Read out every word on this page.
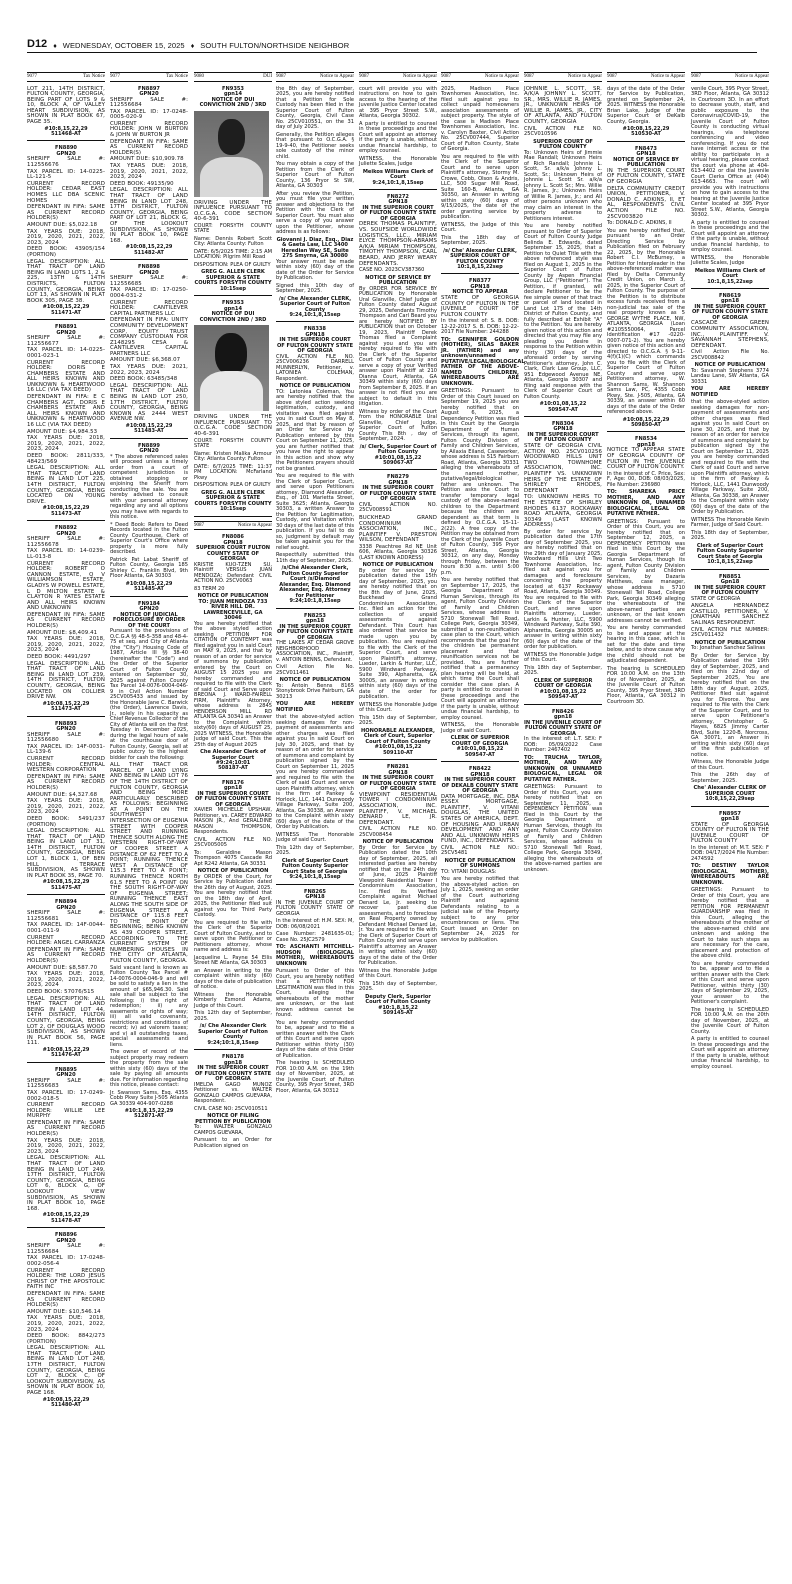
D12 ♦ WEDNESDAY, OCTOBER 15, 2025 ♦ SOUTH FULTON/NORTHSIDE NEIGHBOR
9077	Tax Notice
LOT 211, 14TH DISTRICT, FULTON COUNTY, GEORGIA, BEING PART OF LOTS 9 & 10, BLOCK A, OF VALLEY HEART SUBDIVISION, AS SHOWN IN PLAT BOOK 67, PAGE 35.
#10:8,15,22,29
511468-AT
FN8890
GPN20
SHERIFF SALE #: 112556676
TAX PARCEL ID: 14-0225-LL-121-5
CURRENT RECORD HOLDER: CEDAR EAST HOMES LLC DBA SCENIC HOMES
DEFENDANT IN FIFA: SAME AS CURRENT RECORD HOLDER(S)
AMOUNT DUE: $5,022.18
TAX YEARS DUE: 2018, 2019, 2020, 2021, 2022, 2023, 2024
DEED BOOK: 43905/154 (PORTION)
LEGAL DESCRIPTION: ALL THAT TRACT OF LAND BEING IN LAND LOTS 1, 2 & 225, 13TH & 14TH DISTRICTS, FULTON COUNTY, GEORGIA, BEING LOT 13, AS SHOWN IN PLAT BOOK 305, PAGE 38.
#10:08,15,22,29
511471-AT
FN8891
GPN20
SHERIFF SALE #: 112556677
TAX PARCEL ID: 14-0225-0001-023-1
CURRENT RECORD HOLDER: DORIS E CHAMBERS ESTATE AND ALL HEIRS KNOWN AND UNKNOWN & HEARTWOOD 16 LLC (VIA TAX DEED)
DEFENDANT IN FIFA: E C CHAMBERS AGT, DORIS E CHAMBERS ESTATE AND ALL HEIRS KNOWN AND UNKNOWN & HEARTWOOD 16 LLC (VIA TAX DEED)
AMOUNT DUE: $4,984.53
TAX YEARS DUE: 2018, 2019, 2020, 2021, 2022, 2023, 2024
DEED BOOK: 2811/333, 48423/569
LEGAL DESCRIPTION: ALL THAT TRACT OF LAND BEING IN LAND LOT 225, 14TH DISTRICT, FULTON COUNTY, GEORGIA, BEING LOCATED ON YOUNG DRIVE.
#10:08,15,22,29
511473-AT
FN8892
GPN20
SHERIFF SALE #: 112556678
TAX PARCEL ID: 14-0239-LL-013-8
CURRENT RECORD HOLDER: ROBERT O CANNON ESTATE, Q V WILLIAMSON ESTATE, GLADYS W POWELL ESTATE, L D MILTON ESTATE & CLAYTON R YATES ESTATE AND ALL HEIRS KNOWN AND UNKNOWN
DEFENDANT IN FIFA: SAME AS CURRENT RECORD HOLDER(S)
AMOUNT DUE: $8,409.41
TAX YEARS DUE: 2018, 2019, 2020, 2021, 2022, 2023, 2024
DEED BOOK: 4491/297
LEGAL DESCRIPTION: ALL THAT TRACT OF LAND BEING IN LAND LOT 239, 14TH DISTRICT, FULTON COUNTY, GEORGIA, BEING LOCATED ON COLLIER DRIVE NW.
#10:08,15,22,29
511473-AT
FN8893
GPN20
SHERIFF SALE #: 112556680
TAX PARCEL ID: 14F-0031-LL-139-6
CURRENT RECORD HOLDER: CENTRAL WESTERN CORPORATION
DEFENDANT IN FIFA: SAME AS CURRENT RECORD HOLDER(S)
AMOUNT DUE: $4,327.68
TAX YEARS DUE: 2018, 2019, 2020, 2021, 2022, 2023, 2024
DEED BOOK: 5491/237 (PORTION)
LEGAL DESCRIPTION: ALL THAT TRACT OF LAND BEING IN LAND LOT 31, 14TH DISTRICT, FULTON COUNTY, GEORGIA, BEING LOT 1, BLOCK 1, OF BEN HILL TERRACE SUBDIVISION, AS SHOWN IN PLAT BOOK 35, PAGE 70.
#10:08,15,22,29
511475-AT
FN8894
GPN20
SHERIFF SALE #: 112556681
TAX PARCEL ID: 14F-0044-0001-011-9
CURRENT RECORD HOLDER: ANGEL CARRANZA
DEFENDANT IN FIFA: SAME AS CURRENT RECORD HOLDER(S)
AMOUNT DUE: $8,587.70
TAX YEARS DUE: 2018, 2019, 2020, 2021, 2022, 2023, 2024
DEED BOOK: 57076/515
LEGAL DESCRIPTION: ALL THAT TRACT OF LAND BEING IN LAND LOT 44, 14TH DISTRICT, FULTON COUNTY, GEORGIA, BEING LOT 2, OF DOUGLAS WOOD SUBDIVISION, AS SHOWN IN PLAT BOOK 56, PAGE 111.
#10:08,15,22,29
511476-AT
FN8895
GPN20
SHERIFF SALE #: 112556683
TAX PARCEL ID: 17-0249-0002-018-5
CURRENT RECORD HOLDER: WILLIE LEE MURPHY
DEFENDANT IN FIFA: SAME AS CURRENT RECORD HOLDER(S)
TAX YEARS DUE: 2018, 2019, 2020, 2021, 2022, 2023, 2024
LEGAL DESCRIPTION: ALL THAT TRACT OF LAND BEING IN LAND LOT 249, 17TH DISTRICT, FULTON COUNTY, GEORGIA, BEING LOT 6, BLOCK G, OF LOOKOUT VIEW SUBDIVISION, AS SHOWN IN PLAT BOOK 10, PAGE 168.
#10:08,15,22,29
511478-AT
FN8896
GPN20
SHERIFF SALE #: 112556684
TAX PARCEL ID: 17-0248-0002-056-4
CURRENT RECORD HOLDER: THE LORD JESUS CHRIST OF THE APOSTOLIC FAITH INC
DEFENDANT IN FIFA: SAME AS CURRENT RECORD HOLDER(S)
AMOUNT DUE: $10,546.14
TAX YEARS DUE: 2018, 2019, 2020, 2021, 2022, 2023, 2024
DEED BOOK: 8842/273 (PORTION)
LEGAL DESCRIPTION: ALL THAT TRACT OF LAND BEING IN LAND LOT 248, 17TH DISTRICT, FULTON COUNTY, GEORGIA, BEING LOT 2, BLOCK C, OF LOOKOUT SUBDIVISION, AS SHOWN IN PLAT BOOK 10, PAGE 168.
#10:08,15,22,29
511480-AT
9077	Tax Notice
FN8897
GPN20
SHERIFF SALE #: 112556684
TAX PARCEL ID: 17-0248-0005-020-9
CURRENT RECORD HOLDER: JOHN W BURTON & JOHN W BURTON JR
DEFENDANT IN FIFA: SAME AS CURRENT RECORD HOLDER(S)
AMOUNT DUE: $10,909.78
TAX YEARS DUE: 2018, 2019, 2020, 2021, 2022, 2023, 2024
DEED BOOK: 49135/90
LEGAL DESCRIPTION: ALL THAT TRACT OF LAND BEING IN LAND LOT 248, 17TH DISTRICT, FULTON COUNTY, GEORGIA, BEING PART OF LOT 21, BLOCK G, OF THE LOOKOUT SUBDIVISION, AS SHOWN IN PLAT BOOK 10, PAGE 168.
#10:08,15,22,29
511482-AT
FN8898
GPN20
SHERIFF SALE #: 112556685
TAX PARCEL ID: 17-0250-0004-031-2
CURRENT RECORD HOLDER: CANTILEVER CAPITAL PARTNERS LLC
DEFENDANT IN FIFA: UNITY COMMUNITY DEVELOPMENT CORP, EQUITY TRUST COMPANY CUSTODIAN FOR Z148295 CESA & CANTILEVER CAPITAL PARTNERS LLC
AMOUNT DUE: $6,368.07
TAX YEARS DUE: 2021, 2022, 2023, 2024
DEED BOOK: 63485/348
LEGAL DESCRIPTION: ALL THAT TRACT OF LAND BEING IN LAND LOT 250, 17TH DISTRICT, FULTON COUNTY, GEORGIA, BEING KNOWN AS 2444 WEST AVENUE NW.
#10:08,15,22,29
511483-AT
FN8899
GPN20
* The above referenced sales will proceed unless a timely order from a court of competent jurisdiction is obtained stopping or enjoining the Sheriff from conducting the sale. You are hereby advised to consult with your personal attorney regarding any and all options you may have with regards to this notice.
* Deed Book: Refers to Deed Records located in the Fulton County Courthouse, Clerk of Superior Court's Office where property is more fully described.
Patrick Pat Labat Sheriff of Fulton County, Georgia 185 Shirley C. Franklin Blvd, 9th Floor Atlanta, GA 30303
#10:08,15,22,29
511485-AT
FN9184
GPN20
NOTICE OF JUDICIAL FORECLOSURE BY ORDER OF THE COURT
Pursuant to the provisions of O.C.G.A §§ 48-5-358 and 48-4-75 et seq. and City of Atlanta (the "City") Housing Code of 1987, Article III §§ 38-40 (hereinafter the "Code") and the Order of the Superior Court of Fulton County entered on September 30, 2025 against Fulton County Tax Parcel 14-0076-0004-046-9 in Civil Action Number 25CV005433 and issued by the Honorable Jane C. Barwick (the Order), Lawrence Davis, Jr., solely in his capacity as Chief Revenue Collector of the City of Atlanta will on the first Tuesday in December 2025, during the legal hours of sale at the courthouse door of Fulton County, Georgia, sell at public outcry to the highest bidder for cash the following:
ALL THAT TRACT OR PARCEL OF LAND LYING AND BEING IN LAND LOT 76 OF THE 14TH DISTRICT OF FULTON COUNTY, GEORGIA AND BEING MORE PARTICULARLY DESCRIBED AS FOLLOWS: BEGINNING AT A POINT ON THE SOUTHWEST INTERSECTION OF EUGENIA STREET WITH COOPER STREET AND RUNNING THENCE SOUTH ALONG THE WESTERN RIGHT-OF-WAY OF COOPER STREET A DISTANCE OF 62 FEET TO A POINT; RUNNING THENCE WEST A DISTANCE OF 115.3 FEET TO A POINT; RUNNING THENCE NORTH 61.5 FEET TO A POINT ON THE SOUTH RIGHT-OF-WAY OF EUGENIA STREET; RUNNING THENCE EAST ALONG THE SOUTH SIDE OF EUGENIA STREET A DISTANCE OF 115.8 FEET TO THE POINT OF BEGINNING; BEING KNOWN AS 439 COOPER STREET, ACCORDING TO THE CURRENT SYSTEM OF NUMBERING HOUSES IN THE CITY OF ATLANTA, FULTON COUNTY, GEORGIA.
Said vacant land is known as Fulton County Tax Parcel # 14-0076-0004-046-9 and will be sold to satisfy a lien in the amount of $65,946.30. Said sale shall be subject to the following: i) the right of redemption; ii) any easements or rights of way; iii) all valid covenants, restrictions and conditions of record; iv) ad valorem taxes; and v) all outstanding taxes, special assessments and liens.
The owner of record of the subject property may redeem the property from the sale within sixty (60) days of the sale by paying all amounts due. For information regarding this notice, please contact:
Jr. Swanson Sams, Esq. 4355 Cobb Pkwy Suite J-505 Atlanta GA 30339 404-907-0288
#10:1,8,15,22,29
512871-AT
9080	DUI
FN9353
gpn14
NOTICE OF DUI CONVICTION 2ND / 3RD
DRIVING UNDER THE INFLUENCE PURSUANT TO O.C.G.A. CODE SECTION 40-6-391
COURT: FORSYTH COUNTY STATE
Name: Dennis Robert Scott City: Atlanta County: Fulton
DATE: 6/5/2025 TIME: 2:15 AM LOCATION: Pilgrim Mill Road
DISPOSITION: PLEA OF GUILTY
GREG G. ALLEN CLERK SUPERIOR & STATE COURTS FORSYTH COUNTY
10:15sep
FN9353
gpn14
NOTICE OF DUI CONVICTION 2ND / 3RD
DRIVING UNDER THE INFLUENCE PURSUANT TO O.C.G.A. CODE SECTION 40-6-391
COURT: FORSYTH COUNTY STATE
Name: Kristen Malika Armour City: Atlanta County: Fulton
DATE: 6/7/2025 TIME: 11:37 PM LOCATION: McFarland Pkwy
DISPOSITION: PLEA OF GUILTY
GREG G. ALLEN CLERK SUPERIOR & STATE COURTS FORSYTH COUNTY
10:15sep
9087	Notice to Appear
FN8086
GPN18
SUPERIOR COURT FULTON COUNTY STATE OF GEORGIA
KRISTIE KUO-TZEN SU, Plaintiff VERSUS JUAN MENDOZA; Defendant CIVIL ACTION NO. 25CV0063
83 TERM 20
NOTICE OF PUBLICATION TO: JUAN MENDOZA 733 RIVER HILL DR. LAWRENCEVILLE, GA 30046
You are hereby notified that the above styled action seeking PETITION FOR CITATION OF CONTEMPT was filed against you in said Court on MAY 9, 2025, and that by reason of an order for service of summons by publication entered by the Court on AUGUST 15 2025 you are hereby commanded and required to file with the Clerk of said Court and Serve upon BREONA J. WARD-FAIRELL FIRM, Plaintiff's Attorney, whose address is 2845 HENDERSON MILL RD ATLANTA GA 30341 an Answer to the Complaint within sixty(60) days of AUGUST 25, 2025 WITNESS, the Honorable Judge of said Court. This the 25th day of August 2025
Che Alexander Clerk of Superior Court
#9:24;10:01
508187-AT
FN8176
gpn18
IN THE SUPERIOR COURT OF FULTON COUNTY STATE OF GEORGIA
XAVIER MICHELLE UPSHAW, Petitioner, vs. CAREY EDWARD MASON JR., And GERALDINE MASON THOMPSON, Respondents.
CIVIL ACTION FILE NO. 25CV005005
To: Geraldine Mason Thompson 4075 Cascade Rd Apt R242 Atlanta, GA 30331
NOTICE OF PUBLICATION
By ORDER of the Court, for Service by Publication dated the 26th day of August, 2025. You are hereby notified that on the 18th day of April, 2025, the Petitioner filed suit against you for Third Party Custody.
You are required to file with the Clerk of the Superior Court of Fulton County, and to serve upon the Petitioner or Petitioners attorney, whose name and address is:
Jacqueline L. Payne 54 Ellis Street NE Atlanta, GA 30303
an Answer in writing to the complaint within sixty (60) days of the date of publication of notice.
Witness the Honorable Kimberly Esmond Adams, Judge of this Court.
This 12th day of September, 2025.
/s/ Che Alexander Clerk Superior Court of Fulton County
9:24;10:1,8,15sep
FN8178
gpn18
IN THE SUPERIOR COURT OF FULTON COUNTY STATE OF GEORGIA
IMELDA GAGO MUNOZ Petitioner vs. WALTER GONZALO CAMPOS GUEVARA, Respondent.
CIVIL CASE NO: 25CV010511
NOTICE OF FILING PETITION BY PUBLICATION
To: WALTER GONZALO CAMPOS GUEVARA,
Pursuant to an Order for Publication signed on
9087	Notice to Appear
the 8th day of September, 2025, you are hereby notified that a Petition for Sole Custody has been filed in the Superior Court of Fulton County, Georgia, Civil Case No. 25CV010551, on the 31 day of July 2025.
Generally, the Petition alleges that pursuant to O.C.G.A. § 19-9-40, the Petitioner seeks sole custody of the minor child.
You may obtain a copy of the Petition from the Clerk of Superior Court of Fulton County, 136 Pryor St SW, Atlanta, GA 30303
After you review the Petition, you must file your written answer and objections to the Petition with the Clerk of Superior Court. You must also serve a copy of you answer upon the Petitioner, whose address is as follows:
Giovanni J. Diaz, Esq., Diaz & Gaeta Law, LLC 3400 Heredian Way SE, Suite 275 Smyrna, GA 30080
Your answer must be made within sixty (60) day of the date of the Order for Service by Publication.
Signed this 10th day of September, 2025.
/s/ Che Alexander CLERK, Superior Court of Fulton County
9:24,10:1,8,15sep
FN8338
GPN18
IN THE SUPERIOR COURT OF FULTON COUNTY STATE OF GEORGIA
CIVIL ACTION FILE NO. 25CV006236 DARRELL MUNNERLYN, Petitioner, v. LATONIEA COLEMAN, Respondent.
NOTICE OF PUBLICATION
TO: Latoniea Coleman, You are hereby notified that the above styled action seeking legitimation, custody, and visitation was filed against you in said Court on May 8, 2025, and that by reason of an Order for Service by Publication entered by this Court on September 11, 2025, you are further notified that you have the right to appear in this action and show why the Petitioners prayers should not be granted.
You are required to file with the Clerk of Superior Court, and serve upon Petitioners attorney, Diamond Alexander, Esq., of 101 Marietta Street, Suite 3625; Atlanta, Georgia 30303, a written Answer to the Petition for Legitimation, Custody, and Visitation within 30 days of the last date of this publication. If you fail to do so, judgment by default may be taken against you for the relief sought.
Respectfully submitted this 11th day of September, 2025.
/s/Ché Alexander Clerk, Fulton County Superior Court /s/Diamond Alexander, Esq. Diamond Alexander, Esq. Attorney for Petitioner
9:24;10:1,8,15sep
FN8253
gpn18
IN THE SUPERIOR COURT OF FULTON COUNTY STATE OF GEORGIA
THE LAKES AT CEDAR GROVE NEIGHBORHOOD ASSOCIATION, INC., Plaintiff, v. ANTOIN BENNS, Defendant.
Civil Action File No. 25CV011461
NOTICE OF PUBLICATION
To: Antoin Benns 8165 Stonybrook Drive Fairburn, GA 30213
YOU ARE HEREBY NOTIFIED
that the above-styled action seeking damages for non-payment of assessments and other charges was filed against you in said Court on July 30, 2025, and that by reason of an order for service of summons and complaint by publication signed by the Court on September 11, 2025 you are hereby commanded and required to file with the Clerk of said Court and serve upon Plaintiffs attorney, which is the firm of Pankey & Horlock, LLC, 1441 Dunwoody Village Parkway, Suite 200, Atlanta, Ga 30338, an Answer to the Complaint within sixty (60) days of the date of the Order by Publication.
WITNESS The Honorable Judge of said Court.
This 12th day of September, 2025.
Clerk of Superior Court Fulton County Superior Court State of Georgia
9:24,10:1,8,15sep
FN8265
GPN18
IN THE JUVENILE COURT OF FULTON COUNTY STATE OF GEORGIA
In the interest of: H.M. SEX: M, DOB: 06/08/2021
Case Number: 2481635-01; Case No. 25JC2579
TO: ASCHANTI MITCHELL-HUDSON (BIOLOGICAL MOTHER), WHEREABOUTS UNKNOWN
Pursuant to Order of this Court, you are hereby notified that a PETITION FOR LEGITIMATION was filed in this Court, alleging the whereabouts of the mother are unknown, or the last known address cannot be found.
You are hereby commanded to be, appear and to file a written answer with the Clerk of this Court and serve upon Petitioner within thirty (30) days of the date of this Order of Publication.
The hearing is SCHEDULED FOR 10:00 A.M. on the 19th day of November, 2025, at the Juvenile Court of Fulton County, 395 Pryor Street, 3RD Floor, Atlanta, GA 30312
9087	Notice to Appear
court will provide you with instructions on how to gain access to the hearing of the Juvenile Justice Center located at 395 Pryor Street S.W., Atlanta, Georgia 30302.
A party is entitled to counsel in these proceedings and the Court will appoint an attorney if the party is unable, without undue financial hardship, to employ counsel.
WITNESS, the Honorable Juliette Scales, Judge
Meikos Williams Clerk of Court
9:24,10:1,8,15sep
FN8272
GPN18
IN THE SUPERIOR COURT OF FULTON COUNTY STATE OF GEORGIA
DEREK THOMAS PLAINTIFF, VS. SOUFSIDE WORLDWIDE LOGISTICS, LLC., MIRIAM ELYCE THOMPSON-ABRAMS A/K/A MIRIAM THOMPSON, TIMOTHY THOMPSON, CARL BEARD, AND JERRY WEARY DEFENDANTS.
CASE NO. 2023CV387360
NOTICE OF SERVICE BY PUBLICATION
By ORDER FOR SERVICE BY PUBLICATION by Honorable Ural Glanville, Chief Judge of Fulton County dated August 29, 2025, Defendants Timothy Thompson and Carl Beard you are hereby NOTIFIED BY PUBLICATION that on October 19, 2023, Plaintiff Derek Thomas filed a Complaint against you and you are hereby required to file with the Clerk of the Superior Court of Fulton County and serve a copy of your Verified answer upon Plaintiff at 210 Dianna Court, Atlanta, GA 30349 within sixty (60) days from September 8, 2025. If an answer is not filed you are subject to default in this litigation.
Witness by order of the Court from the HONORABLE Ural Glanville, Chief Judge, Superior Court of Fulton County This 8th , day of September, 2024.
/s/ Clerk, Superior Court of Fulton County
#10:01,08,15,22
509067-AT
FN8279
GPN18
IN THE SUPERIOR COURT OF FULTON COUNTY STATE OF GEORGIA
CIVIL ACTION NO. 25CV008591
BUCKHEAD GRAND CONDOMINIUM ASSOCIATION, INC., PLAINTIFF V. PRESTON WILSON, DEFENDANT
3338 Peachtree Rd NE Unit 606, Atlanta, Georgia 30326 (LAST KNOWN ADDRESS)
NOTICE OF PUBLICATION
By order for service by publication dated the 15th day of September, 2025, you are hereby notified that on the 8th day of June, 2025, Buckhead Grand Condominium Association, Inc. filed an action for the collection of unpaid assessments against Defendant. This Court has also ordered that service be made upon you by publication. You are required to file with the Clerk of the Superior Court, and serve upon Plaintiff's attorney, Lueder, Larkin & Hunter, LLC, 5900 Windward Parkway, Suite 390, Alpharetta, GA 30005, an answer in writing within sixty (60) days of the date of the order for publication.
WITNESS the Honorable Judge of this Court.
This 15th day of September, 2025.
HONORABLE ALEXANDER, Clerk of Court, Superior Court of Fulton County
#10:01,08,15,22
509110-AT
FN8281
GPN18
IN THE SUPERIOR COURT OF FULTON COUNTY STATE OF GEORGIA
VIEWPOINT RESIDENTIAL TOWER I CONDOMINIUM ASSOCIATION, INC. PLAINTIFF, V. MICHAEL DENARD LE, JR. DEFENDANT.
CIVIL ACTION FILE NO. 25CV008454
NOTICE OF PUBLICATION
By Order for Service by Publication dated the 10th day of September, 2025, all interested parties are hereby notified that on the 24th day of June, 2025 Plaintiff Viewpoint Residential Tower I Condominium Association, Inc. filed its Verified Complaint against Michael Denard Le, Jr. seeking to recover past due assessments, and to foreclose on Real Property owned by Defendant Michael Denard Le, Jr. You are required to file with the Clerk of Superior Court of Fulton County and serve upon Plaintiff's attorney an Answer in writing within sixty (60) days of the date of the Order for Publication.
Witness the Honorable Judge of this Court.
This 15th day of September, 2025.
Deputy Clerk, Superior Court of Fulton County
#10:1,8,15,22
509145-AT
9087	Notice to Appear
2025, Madison Place Townhomes Association, Inc. filed suit against you to collect unpaid homeowners association assessments of subject property. The style of the case is Madison Place Townhomes Association, Inc. v. Carolyn Baxter, Civil Action No. 25CV007444, Superior Court of Fulton County, State of Georgia.
You are required to file with the Clerk of the Superior Court and to serve upon Plaintiff's attorney, Stormy M. Crowe, Cobb, Olson & Andris, LLC, 500 Sugar Mill Road, Suite 160-B, Atlanta, GA 30350, an Answer in writing within sixty (60) days of 9/15/2025, the date of the order granting service by publication.
WITNESS, the Judge of this Court.
This the 18th day of September, 2025.
/s/ Che' Alexander CLERK, SUPERIOR COURT OF FULTON COUNTY
10:1,8,15,22sep
FN8377
GPN18
NOTICE TO APPEAR
STATE OF GEORGIA COUNTY OF FULTON IN THE JUVENILE COURT OF FULTON COUNTY
In the interest of: S. B. DOB: 12-22-2017 S. B. DOB: 12-22-2017 File Number: 244288
TO: GENNIFER GOLDON (MOTHER), SILAS BAKER JR. (FATHER) and any unknown/unnamed PUTATIVE/LEGAL/BIOLOGICAL FATHER OF THE ABOVE-NAMED CHILDREN, WHEREABOUTS ARE UNKNOWN.
GREETINGS: Pursuant to Order of this Court issued on September 19, 2025 you are hereby notified that on August 6, 2025, a Dependency Petition was filed in this Court by the Georgia Department of Human Services, through its agent, Fulton County Division of Family and Children Services, by Ailaxia Eiland, Caseworker, whose address is 515 Fairburn Road, Atlanta, Georgia 30331 alleging the whereabouts of the named mother, putative/legal/biological father are unknown. The Petition asks the Court to transfer temporary legal custody of the above-named children to the Department because the children are dependent as that term is defined by O.C.G.A. 15-11-2(22). A free copy of the Petition may be obtained from the Clerk of the Juvenile Court of Fulton County, 395 Pryor Street, Atlanta, Georgia 30312, on any day, Monday through Friday, between the hours 8:30 a.m. until 5:00 p.m.
You are hereby notified that on September 17, 2025, the Georgia Department of Human Services, through its agent, Fulton County Division of Family and Children Services, whose address is 5710 Stonewall Tell Road, College Park, Georgia 30349, submitted a non-reunification case plan to the Court, which recommends that the goal for the children be permanent placement and that reunification services not be provided. You are further notified that a permanency plan hearing will be held, at which time the Court shall consider the case plan. A party is entitled to counsel in these proceedings and the Court will appoint an attorney if the party is unable, without undue financial hardship, to employ counsel.
WITNESS, the Honorable Judge of said Court.
CLERK OF SUPERIOR COURT OF GEORGIA
#10:01,08,15,22
509547-AT
FN8422
GPN18
IN THE SUPERIOR COURT OF DEKALB COUNTY STATE OF GEORGIA
DATA MORTGAGE, INC. DBA ESSEX MORTGAGE, PLAINTIFF, V. VITANI DOUGLAS, THE UNITED STATES OF AMERICA, DEPT. OF HOUSING AND URBAN DEVELOPMENT AND ANY AND ALL UNKNOWN HEIRS FUND, INC., DEFENDANTS.
CIVIL ACTION FILE NO.: 25CV5481
NOTICE OF PUBLICATION OF SUMMONS
TO: VITANI DOUGLAS:
You are hereby notified that the above-styled action on July 1, 2025, seeking an order of the Court authorizing Plaintiff and against Defendants relating to a judicial sale of the Property subject to any prior encumbrances or liens. The Court issued an Order on September 24, 2025 for service by publication.
9087	Notice to Appear
JOHNNIE L. SCOTT, SR. A/K/A JOHNNY L. SCOTT, SR., MRS. WILLIE R. JAMES, JR., UNKNOWN HEIRS OF WILLIE R. JAMES, JR., CITY OF ATLANTA, AND FULTON COUNTY, GEORGIA
CIVIL ACTION FILE NO. 25CV010596
SUPERIOR COURT OF FULTON COUNTY
To: Unknown Heirs of Jimmie Mae Randall; Unknown Heirs of Rich Randall; Johnnie L. Scott, Sr. a/k/a Johnny L. Scott, Sr.; Unknown Heirs of Johnnie L. Scott Sr. a/k/a Johnny L. Scott Sr.; Mrs. Willie R. James, Jr.; Unknown Heirs of Willie R. James, Jr.; and All other persons unknown who may claim an interest in the property adverse to Petitioners interest.
You are hereby notified pursuant to Order of Superior Court of Fulton County Judge Belinda E. Edwards, dated September 15, 2025, that a Petition to Quiet Title with the above referenced style was filed on August 1, 2025 in the Superior Court of Fulton County by Aspen Financial Group, LLC ("Petitioner"). The Petition, if granted, will declare Petitioner to be the fee simple owner of that tract or parcel of land located in Land Lot 175 of the 14th District of Fulton County, and fully described at Exhibit "A" to the Petition. You are hereby given notice of this action and directed that you may file any pleading you desire in response to the Petition within thirty (30) days of the aforesaid order by serving Petitioner's attorney, John C. Clark, Clark Law Group, LLC, 951 Edgewood Avenue NE, Atlanta, Georgia 30307 and filing said response with the Clerk of Superior Court of Fulton County.
#10:01,08,15,22
509547-AT
FN8304
GPN18
IN THE SUPERIOR COURT OF FULTON COUNTY
STATE OF GEORGIA CIVIL ACTION NO. 25CV010256 WOODWARD HILLS UNIT TWO TOWNHOME ASSOCIATION, INC. PLAINTIFF VS. UNKNOWN HEIRS OF THE ESTATE OF SHIRLEY RHODES, DEFENDANT
TO: UNKNOWN HEIRS TO THE ESTATE OF SHIRLEY RHODES 6137 ROCKAWAY ROAD ATLANTA, GEORGIA 30349 (LAST KNOWN ADDRESS)
By order for service by publication dated the 17th day of September 2025, you are hereby notified that on the 29th day of January 2025, Woodward Hills Unit Two Townhome Association, Inc. filed suit against you for damages and foreclosure concerning the property located at 6137 Rockaway Road, Atlanta, Georgia 30349. You are required to file with the Clerk of the Superior Court, and serve upon Plaintiffs attorney, Lueder, Larkin & Hunter, LLC, 5900 Windward Parkway, Suite 390, Alpharetta, Georgia 30005 an answer in writing within sixty (60) days of the date of the order for publication.
WITNESS the Honorable Judge of this Court.
This 18th day of September, 2025.
CLERK OF SUPERIOR COURT OF GEORGIA
#10:01,08,15,22
509547-AT
FN8426
gpn18
IN THE JUVENILE COURT OF FULTON COUNTY STATE OF GEORGIA
In the interest of: L.T. SEX: F DOB: 05/09/2022 Case Number: 2467402
TO: TRUCHA TAYLOR, MOTHER, AND ANY UNKNOWN OR UNNAMED BIOLOGICAL, LEGAL OR PUTATIVE FATHER.
GREETINGS: Pursuant to Order of this Court, you are hereby notified that on September 11, 2025, a DEPENDENCY PETITION was filed in this Court by the Georgia Department of Human Services, though its agent, Fulton County Division of Family and Children Services, whose address is 5710 Stonewall Tell Road, College Park, Georgia 30349, alleging the whereabouts of the above-named parties are unknown.
9087	Notice to Appear
days of the date of the Order for Service by Publication, granted on September 24, 2025. WITNESS the Honorable Brian Lake, Judge of the Superior Court of DeKalb County, Georgia.
#10:08,15,22,29
510530-AT
FN8473
GPN18
NOTICE OF SERVICE BY PUBLICATION
IN THE SUPERIOR COURT OF FULTON COUNTY, STATE OF GEORGIA
DELTA COMMUNITY CREDIT UNION, PETITIONER, V. DONALD C. ADKINS, II, ET AL, RESPONDENTS CIVIL ACTION FILE NO. 25CV003820
To: DONALD C. ADKINS, II
You are hereby notified that, pursuant to an Order Directing Service by Publication filed on February 22, 2025, by the Honorable Robert C.I. McBurney, a Petition for Interpleader in the above-referenced matter was filed by Delta Community Credit Union, on March 3, 2025, in the Superior Court of Fulton County. The purpose of the Petition is to distribute excess funds received from a non-judicial tax sale of the real property known as 5 GEORGE WYTHE PLACE, NW, ATLANTA, GEORGIA (Loan #2105550064, Parcel Identification #17 -0220-0007-071-2). You are hereby given notice of this action and directed to O.C.G.A. § 9-11-4(f)(1)(C) which commands you to file with the Clerk of Superior Court of Fulton County and serve upon Petitioners attorney, W. Shannon Sams, W. Shannon Sams Law, PC, 4355 Cobb Pkwy, Ste. J-505, Atlanta, GA 30339, an answer within 60 days of the date of the Order referenced above.
#10:08,15,22,29
509850-AT
FN8534
gpn18
NOTICE TO APPEAR STATE OF GEORGIA COUNTY OF FULTON IN THE JUVENILE COURT OF FULTON COUNTY.
In the interest of C. Price, Sex: F, Age: 00, DOB: 08/03/2025, File Number: 236980
TO: SHAREKA PRICE MOTHER, AND ANY UNKNOWN OR, UNNAMED BIOLOGICAL, LEGAL OR PUTATIVE FATHER.
GREETINGS: Pursuant to Order of this Court, you are hereby notified that on September 12, 2025, a DEPENDENCY PETITION was filed in this Court by the Georgia Department of Human Services, though its agent, Fulton County Division of Family and Children Services, by Dazaria Matthews, case manager, whose address is 5710 Stonewall Tell Road, College Park, Georgia 30349 alleging the whereabouts of the above-named parties are unknown, or the last known addresses cannot be verified.
You are hereby commanded to be and appear at the hearing in this case, which is set for the date and time below, and to show cause why the child should not be adjudicated dependent.
The hearing is SCHEDULED FOR 10:00 A.M. on the 13th day of November, 2025, at the Juvenile Court of Fulton County, 395 Pryor Street, 3RD Floor, Atlanta, GA 30312 in Courtroom 3D.
9087	Notice to Appear
venile Court, 395 Pryor Street, 3RD Floor, Atlanta, GA 30312 in Courtroom 3D. In an effort to decrease youth, staff, and public exposure to the Coronavirus/COVID-19, the Juvenile Court of Fulton County is conducting virtual hearings, via telephone conferencing and video conferencing. If you do not have internet access or the ability to participate in a virtual hearing, please contact the court via phone at 404-613-4402 or dial the Juvenile Court Clerks Office at (404) 613-4663. The court will provide you with instructions on how to gain access to the hearing at the Juvenile Justice Center located at 395 Pryor Street S.W., Atlanta, Georgia 30302.
A party is entitled to counsel in these proceedings and the Court will appoint an attorney if the party is unable, without undue financial hardship, to employ counsel.
WITNESS, the Honorable Juliette Scales, Judge
Meikos Williams Clerk of Court
10:1,8,15,22sep
FN8619
gpn18
IN THE SUPERIOR COURT OF FULTON COUNTY STATE OF GEORGIA
CASCADE GREEN COMMUNITY ASSOCIATION, INC., PLAINTIFF. V. SAVANNAH STEPHENS, DEFENDANT.
Civil Action File No. 25CV008842
NOTICE OF PUBLICATION
To: Savannah Stephens 3774 Landau Lane, SW Atlanta, GA 30331
YOU ARE HEREBY NOTIFIED
that the above-styled action seeking damages for non-payment of assessments and other charges was filed against you in said Court on June 30, 2025, and that by reason of an order for service of summons and complaint by publication signed by the Court on September 11, 2025 you are hereby commanded and required to file with the Clerk of said Court and serve upon Plaintiffs attorney, which is the firm of Pankey & Horlock, LLC, 1441 Dunwoody Village Parkway, Suite 200, Atlanta, Ga 30338, an Answer to the Complaint within sixty (60) days of the date of the Order by Publication.
WITNESS The Honorable Kevin Farmer, Judge of Said Court.
This 18th day of September, 2025.
Clerk of Superior Court Fulton County Superior Court State of Georgia
10:1,8,15,22sep
FN8851
Gpn18
IN THE SUPERIOR COURT OF FULTON COUNTY
STATE OF GEORGIA
ANGELA HERNANDEZ CASTILLO, PETITIONER, V. JONATHAN SANCHEZ SALINAS RESPONDENT.
CIVIL ACTION FILE NUMBER: 25CV011432
NOTICE OF PUBLICATION
To: Jonathan Sanchez Salinas
By Order for Service by Publication dated the 19th day of September, 2025, and filed on this 22nd day of September 2025, You are hereby notified that on the 18th day of August, 2025, Petitioner filed suit against you for Divorce. You are required to file with the Clerk of the Superior Court, and to serve upon Petitioner's attorney, Christopher G. Hayes, 6825 Jimmy Carter Blvd, Suite 1220-B, Norcross, GA 30071, an Answer in writing within sixty (60) days of the first publication of notice.
Witness, the Honorable Judge of this Court.
This the 26th day of September, 2025.
Che' Alexander CLERK OF SUPERIOR COURT
10:8,15,22,29sep
FN8957
gpn18
STATE OF GEORGIA COUNTY OF FULTON IN THE JUVENILE COURT OF FULTON COUNTY
In the interest of: M.T. SEX: F DOB: 04/17/2024 File Number: 2474592
TO: DESTINY TAYLOR (BIOLOGICAL MOTHER), WHEREABOUTS ARE UNKNOWN.
GREETINGS: Pursuant to Order of this Court, you are hereby notified that a PETITION FOR PERMANENT GUARDIANSHIP was filed in this Court, alleging the whereabouts of the mother of the above-named child are unknown and asking the Court to take such steps as are necessary for the care, placement and protection of the above child.
You are hereby commanded to be, appear and to file a written answer with the Clerk of this Court and serve upon Petitioner, within thirty (30) days of September 29, 2025, your answer to the Petitioner's complaint.
The hearing is SCHEDULED FOR 10:00 A.M. on the 20th day of November, 2025, at the Juvenile Court of Fulton County.
A party is entitled to counsel in these proceedings and the Court will appoint an attorney if the party is unable, without undue financial hardship, to employ counsel.
